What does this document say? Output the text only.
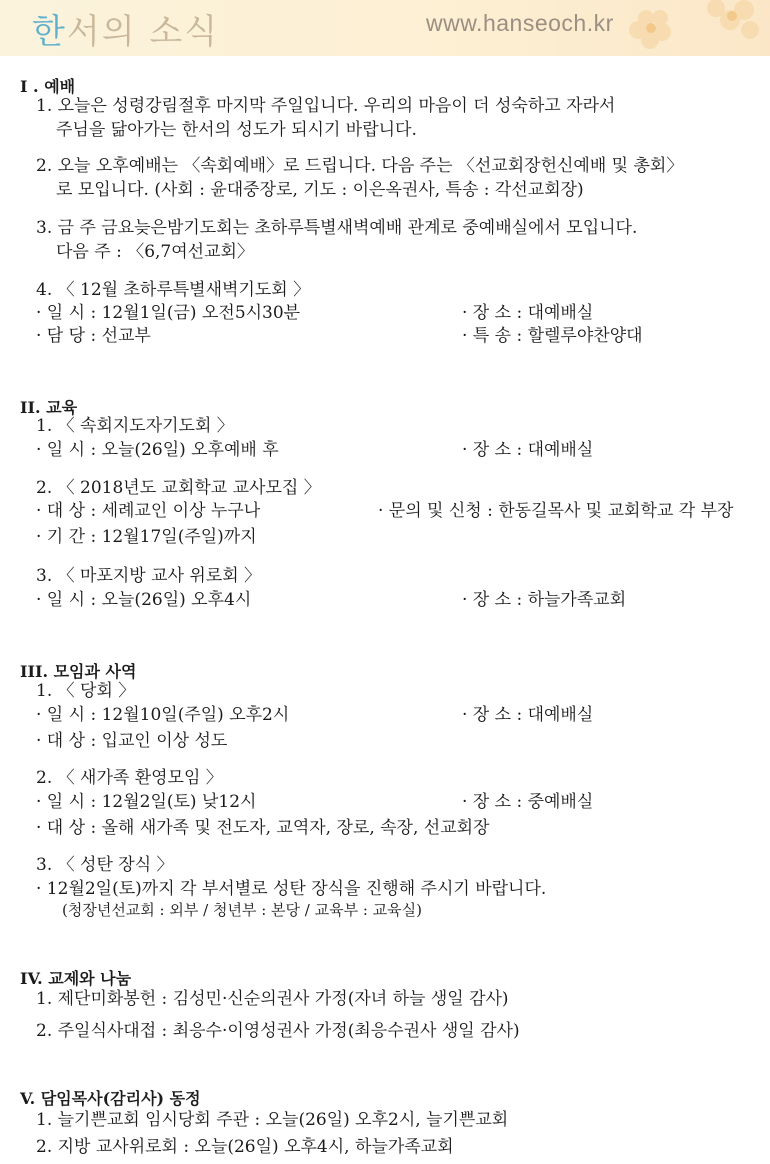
한서의 소식	www.hanseoch.kr
I . 예배
1. 오늘은 성령강림절후 마지막 주일입니다. 우리의 마음이 더 성숙하고 자라서
주님을 닮아가는 한서의 성도가 되시기 바랍니다.
2. 오늘 오후예배는 〈속회예배〉로 드립니다. 다음 주는 〈선교회장헌신예배 및 총회〉
로 모입니다. (사회 : 윤대중장로, 기도 : 이은옥권사, 특송 : 각선교회장)
3. 금 주 금요늦은밤기도회는 초하루특별새벽예배 관계로 중예배실에서 모입니다.
다음 주 : 〈6,7여선교회〉
4. 〈 12월 초하루특별새벽기도회 〉
· 일 시 : 12월1일(금) 오전5시30분	· 장 소 : 대예배실
· 담 당 : 선교부	· 특 송 : 할렐루야찬양대
II. 교육
1. 〈 속회지도자기도회 〉
· 일 시 : 오늘(26일) 오후예배 후	· 장 소 : 대예배실
2. 〈 2018년도 교회학교 교사모집 〉
· 대 상 : 세례교인 이상 누구나	· 문의 및 신청 : 한동길목사 및 교회학교 각 부장
· 기 간 : 12월17일(주일)까지
3. 〈 마포지방 교사 위로회 〉
· 일 시 : 오늘(26일) 오후4시	· 장 소 : 하늘가족교회
III. 모임과 사역
1. 〈 당회 〉
· 일 시 : 12월10일(주일) 오후2시	· 장 소 : 대예배실
· 대 상 : 입교인 이상 성도
2. 〈 새가족 환영모임 〉
· 일 시 : 12월2일(토) 낮12시	· 장 소 : 중예배실
· 대 상 : 올해 새가족 및 전도자, 교역자, 장로, 속장, 선교회장
3. 〈 성탄 장식 〉
· 12월2일(토)까지 각 부서별로 성탄 장식을 진행해 주시기 바랍니다.
(청장년선교회 : 외부 / 청년부 : 본당 / 교육부 : 교육실)
IV. 교제와 나눔
1. 제단미화봉헌 : 김성민·신순의권사 가정(자녀 하늘 생일 감사)
2. 주일식사대접 : 최응수·이영성권사 가정(최응수권사 생일 감사)
V. 담임목사(감리사) 동정
1. 늘기쁜교회 임시당회 주관 : 오늘(26일) 오후2시, 늘기쁜교회
2. 지방 교사위로회 : 오늘(26일) 오후4시, 하늘가족교회
